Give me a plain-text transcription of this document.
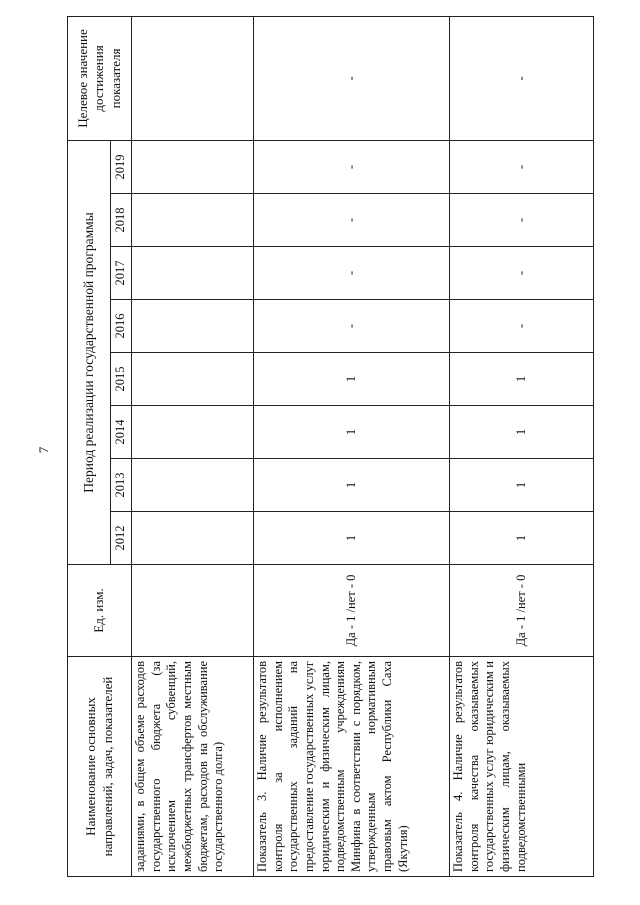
7
Наименование основных направлений, задач, показателей	Ед. изм.	Период реализации государственной программы								Целевое значение достижения показателя
		2012	2013	2014	2015	2016	2017	2018	2019	
заданиями, в общем объеме расходов государственного бюджета (за исключением субвенций, межбюджетных трансфертов местным бюджетам, расходов на обслуживание государственного долга)										
Показатель 3. Наличие результатов контроля за исполнением государственных заданий на предоставление государственных услуг юридическим и физическим лицам, подведомственным учреждениям Минфина в соответствии с порядком, утвержденным нормативным правовым актом Республики Саха (Якутия)	Да - 1 /нет - 0	1	1	1	1	-	-	-	-	-
Показатель 4. Наличие результатов контроля качества оказываемых государственных услуг юридическим и физическим лицам, оказываемых подведомственными	Да - 1 /нет - 0	1	1	1	1	-	-	-	-	-
